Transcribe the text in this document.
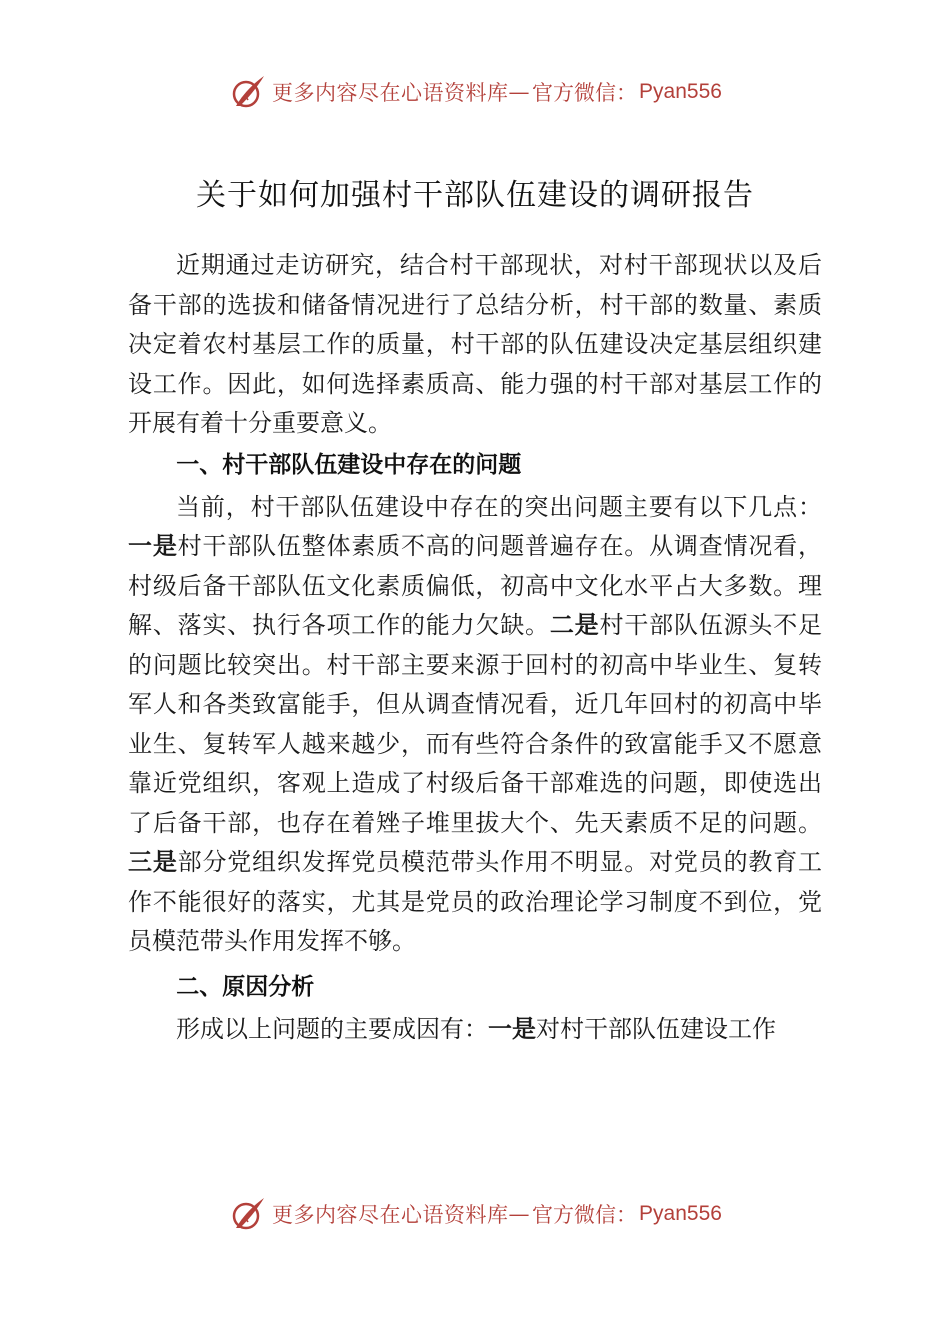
更多内容尽在心语资料库 — 官方微信： Pyan556
关于如何加强村干部队伍建设的调研报告

近期通过走访研究，结合村干部现状，对村干部现状以及后备干部的选拔和储备情况进行了总结分析，村干部的数量、素质决定着农村基层工作的质量，村干部的队伍建设决定基层组织建设工作。因此，如何选择素质高、能力强的村干部对基层工作的开展有着十分重要意义。

一、村干部队伍建设中存在的问题

当前，村干部队伍建设中存在的突出问题主要有以下几点：一是村干部队伍整体素质不高的问题普遍存在。从调查情况看，村级后备干部队伍文化素质偏低，初高中文化水平占大多数。理解、落实、执行各项工作的能力欠缺。二是村干部队伍源头不足的问题比较突出。村干部主要来源于回村的初高中毕业生、复转军人和各类致富能手，但从调查情况看，近几年回村的初高中毕业生、复转军人越来越少，而有些符合条件的致富能手又不愿意靠近党组织，客观上造成了村级后备干部难选的问题，即使选出了后备干部，也存在着矬子堆里拔大个、先天素质不足的问题。三是部分党组织发挥党员模范带头作用不明显。对党员的教育工作不能很好的落实，尤其是党员的政治理论学习制度不到位，党员模范带头作用发挥不够。

二、原因分析

形成以上问题的主要成因有：一是对村干部队伍建设工作

更多内容尽在心语资料库 — 官方微信： Pyan556
